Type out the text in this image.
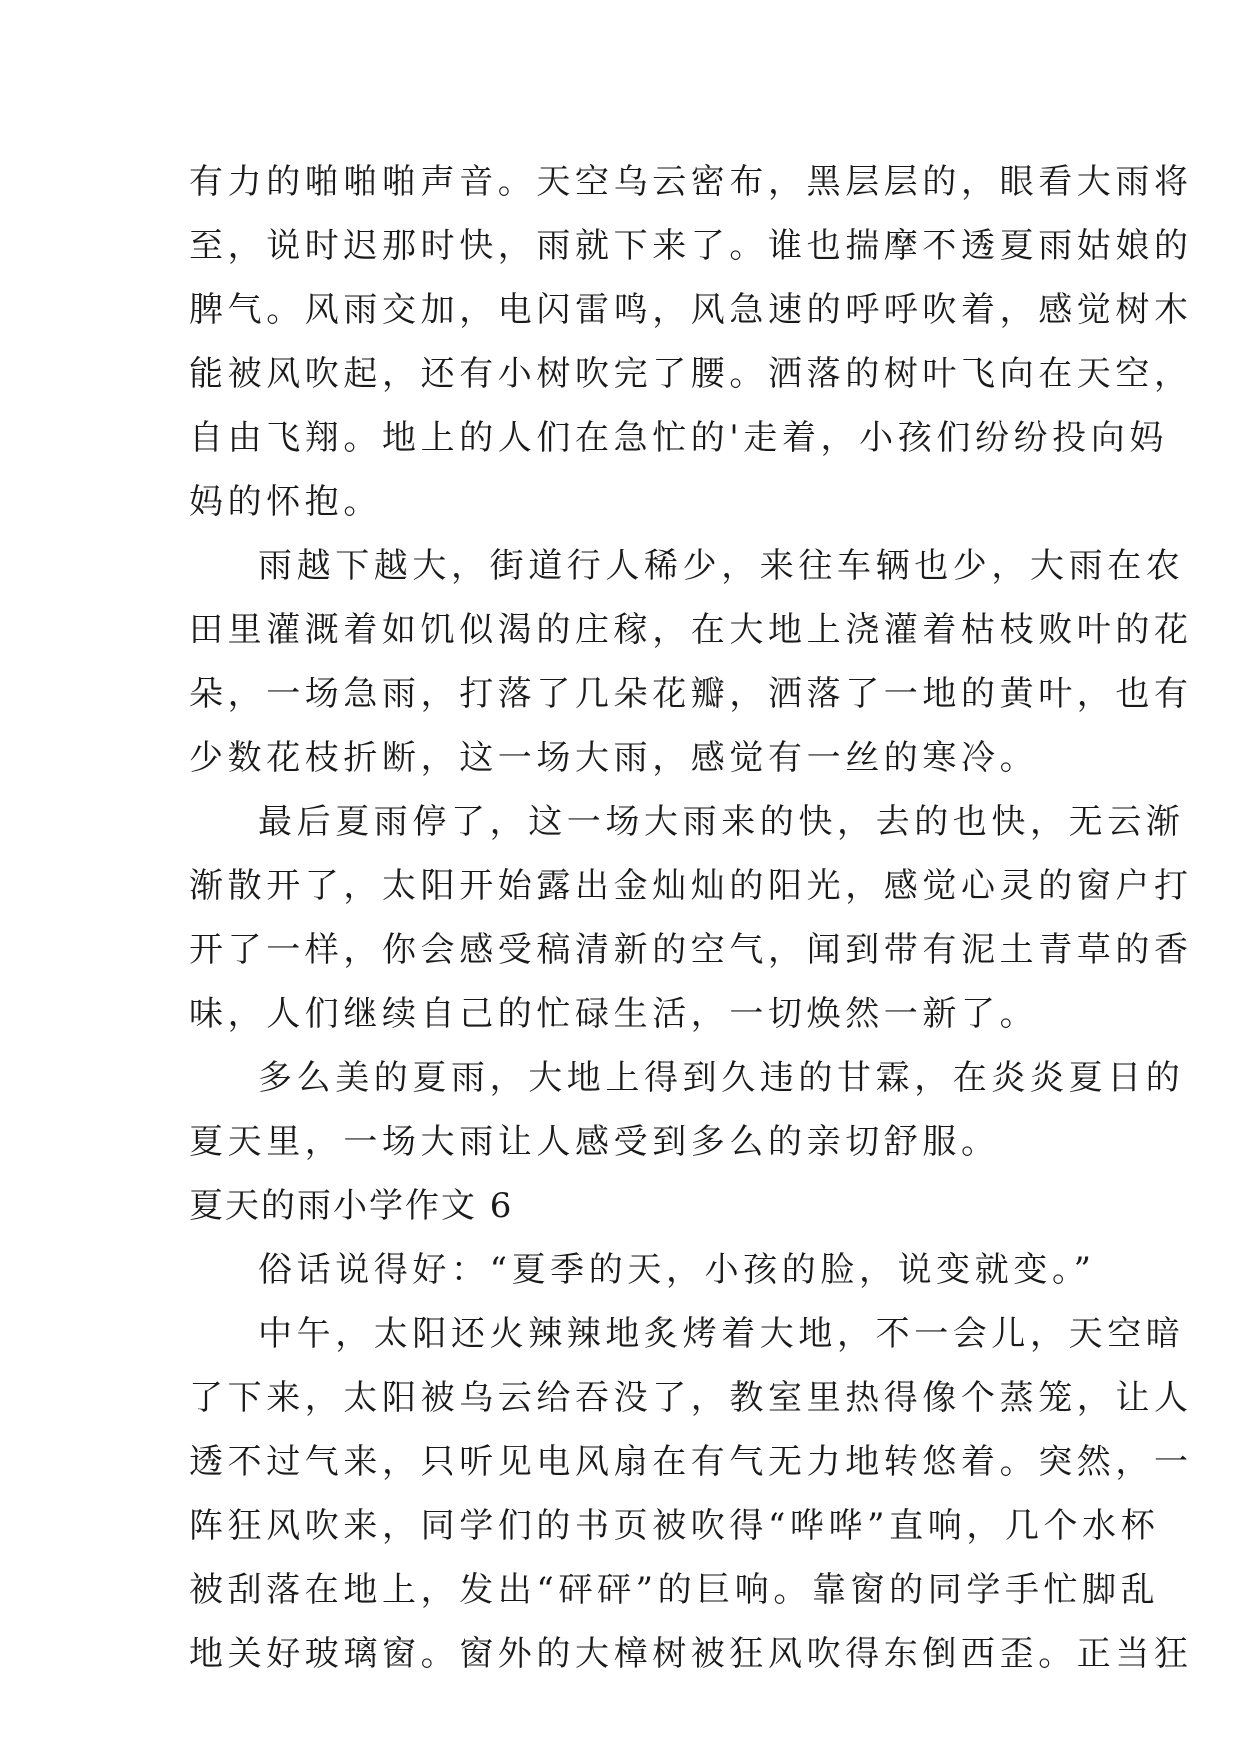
有力的啪啪啪声音。天空乌云密布，黑层层的，眼看大雨将
至，说时迟那时快，雨就下来了。谁也揣摩不透夏雨姑娘的
脾气。风雨交加，电闪雷鸣，风急速的呼呼吹着，感觉树木
能被风吹起，还有小树吹完了腰。洒落的树叶飞向在天空，
自由飞翔。地上的人们在急忙的'走着，小孩们纷纷投向妈
妈的怀抱。
雨越下越大，街道行人稀少，来往车辆也少，大雨在农
田里灌溉着如饥似渴的庄稼，在大地上浇灌着枯枝败叶的花
朵，一场急雨，打落了几朵花瓣，洒落了一地的黄叶，也有
少数花枝折断，这一场大雨，感觉有一丝的寒冷。
最后夏雨停了，这一场大雨来的快，去的也快，无云渐
渐散开了，太阳开始露出金灿灿的阳光，感觉心灵的窗户打
开了一样，你会感受稿清新的空气，闻到带有泥土青草的香
味，人们继续自己的忙碌生活，一切焕然一新了。
多么美的夏雨，大地上得到久违的甘霖，在炎炎夏日的
夏天里，一场大雨让人感受到多么的亲切舒服。
夏天的雨小学作文 6
俗话说得好：“夏季的天，小孩的脸，说变就变。”
中午，太阳还火辣辣地炙烤着大地，不一会儿，天空暗
了下来，太阳被乌云给吞没了，教室里热得像个蒸笼，让人
透不过气来，只听见电风扇在有气无力地转悠着。突然，一
阵狂风吹来，同学们的书页被吹得“哗哗”直响，几个水杯
被刮落在地上，发出“砰砰”的巨响。靠窗的同学手忙脚乱
地关好玻璃窗。窗外的大樟树被狂风吹得东倒西歪。正当狂
